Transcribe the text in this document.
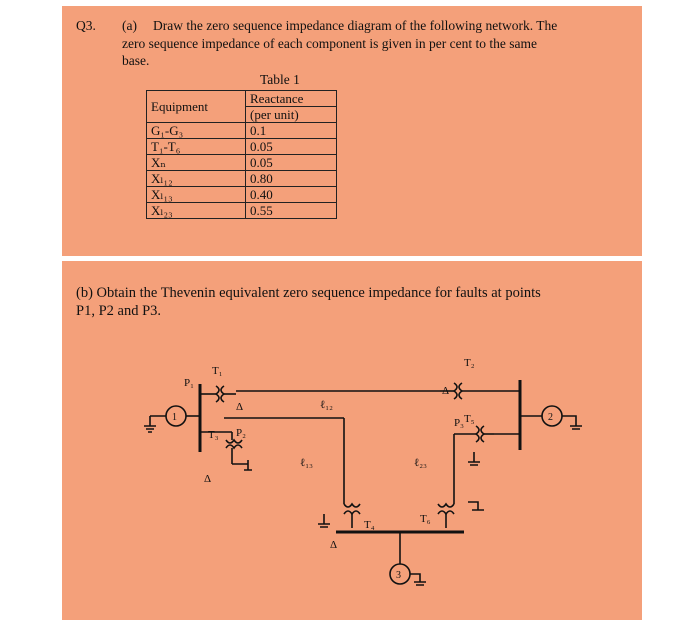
Q3. (a) Draw the zero sequence impedance diagram of the following network. The
zero sequence impedance of each component is given in per cent to the same
base.
Table 1
Equipment	Reactance
	(per unit)
G₁-G₃	0.1
T₁-T₆	0.05
Xₙ	0.05
Xₗ₁₂	0.80
Xₗ₁₃	0.40
Xₗ₂₃	0.55
(b) Obtain the Thevenin equivalent zero sequence impedance for faults at points
P1, P2 and P3.
1	2
3
T₁
T₂
T₃
T₄
T₅
T₆
P₁
P₂
P₃
ℓ₁₂
ℓ₁₃	ℓ₂₃
Δ
Δ
Δ
Δ
